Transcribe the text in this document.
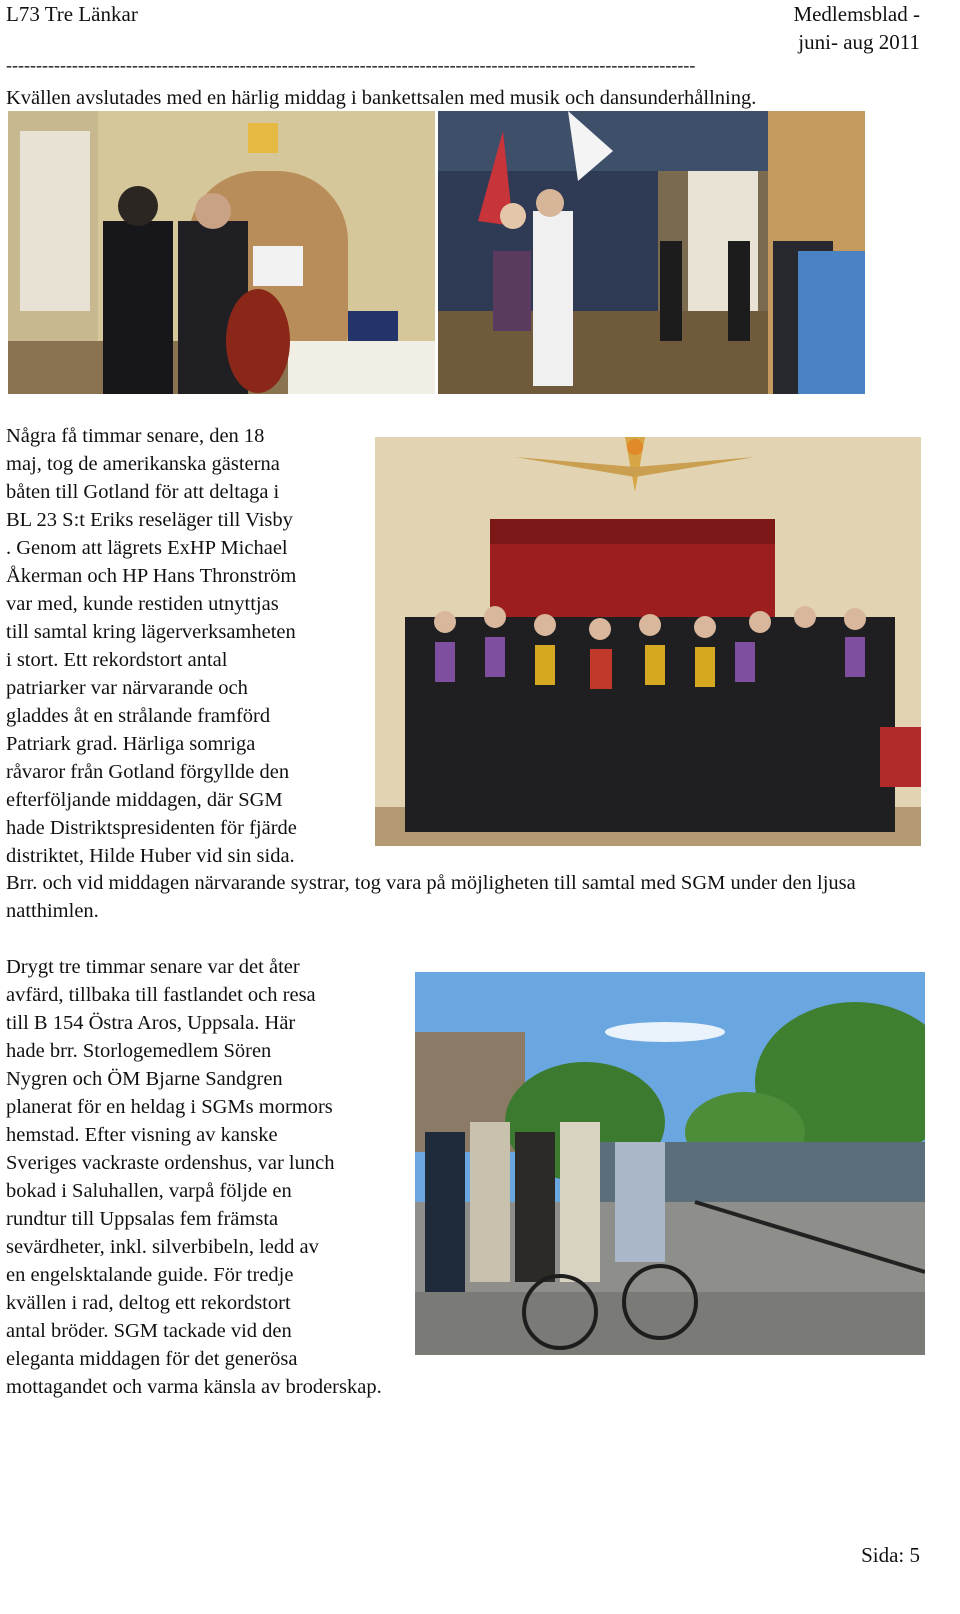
L73 Tre Länkar	Medlemsblad -
juni- aug 2011
-------------------------------------------------------------------------------------------------------------------
Kvällen avslutades med en härlig middag i bankettsalen med musik och dansunderhållning.
Några få timmar senare, den 18
maj, tog de amerikanska gästerna
båten till Gotland för att deltaga i
BL 23 S:t Eriks reseläger till Visby
. Genom att lägrets ExHP Michael
Åkerman och HP Hans Thronström
var med, kunde restiden utnyttjas
till samtal kring lägerverksamheten
i stort. Ett rekordstort antal
patriarker var närvarande och
gladdes åt en strålande framförd
Patriark grad. Härliga somriga
råvaror från Gotland förgyllde den
efterföljande middagen, där SGM
hade Distriktspresidenten för fjärde
distriktet, Hilde Huber vid sin sida.
Brr. och vid middagen närvarande systrar, tog vara på möjligheten till samtal med SGM under den ljusa natthimlen.
Drygt tre timmar senare var det åter
avfärd, tillbaka till fastlandet och resa
till B 154 Östra Aros, Uppsala. Här
hade brr. Storlogemedlem Sören
Nygren och ÖM Bjarne Sandgren
planerat för en heldag i SGMs mormors
hemstad. Efter visning av kanske
Sveriges vackraste ordenshus, var lunch
bokad i Saluhallen, varpå följde en
rundtur till Uppsalas fem främsta
sevärdheter, inkl. silverbibeln, ledd av
en engelsktalande guide. För tredje
kvällen i rad, deltog ett rekordstort
antal bröder. SGM tackade vid den
eleganta middagen för det generösa
mottagandet och varma känsla av broderskap.
Sida: 5
